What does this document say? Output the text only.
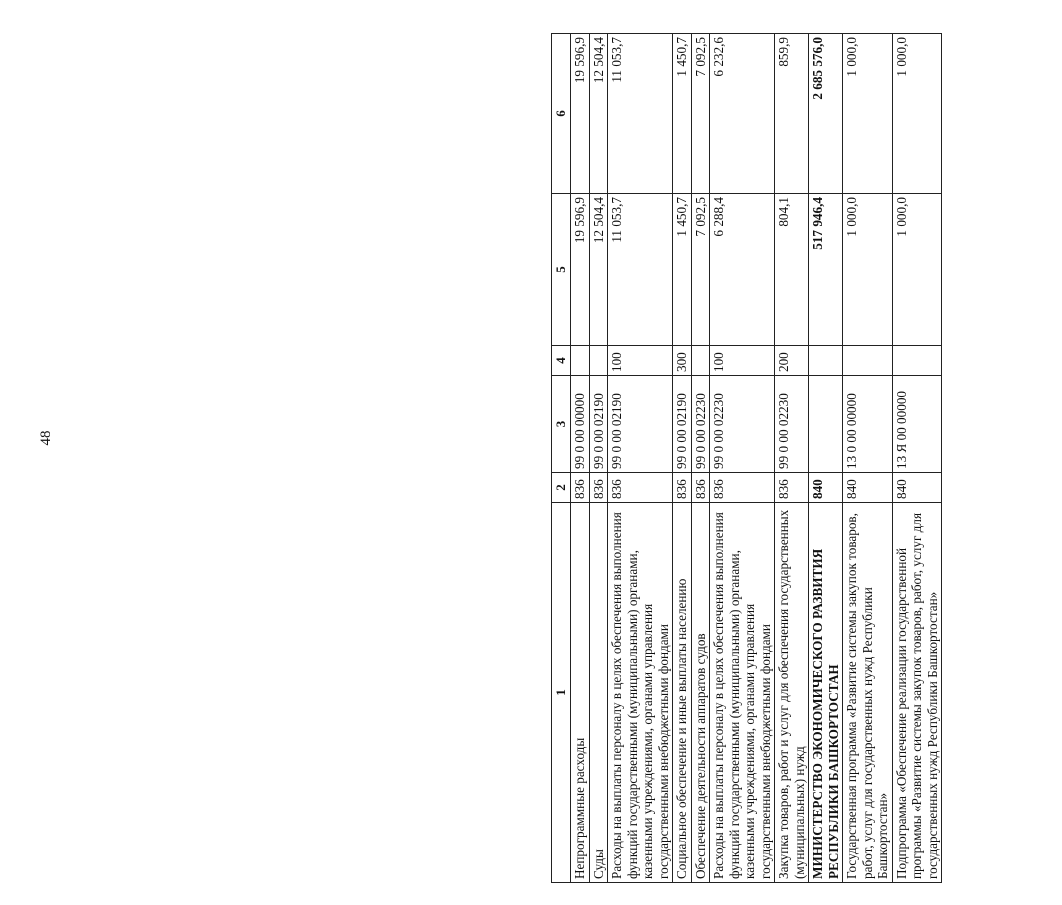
48
1	2	3	4	5	6
Непрограммные расходы	836	99 0 00 00000		19 596,9	19 596,9
Суды	836	99 0 00 02190		12 504,4	12 504,4
Расходы на выплаты персоналу в целях обеспечения выполнения функций государственными (муниципальными) органами, казенными учреждениями, органами управления государственными внебюджетными фондами	836	99 0 00 02190	100	11 053,7	11 053,7
Социальное обеспечение и иные выплаты населению	836	99 0 00 02190	300	1 450,7	1 450,7
Обеспечение деятельности аппаратов судов	836	99 0 00 02230		7 092,5	7 092,5
Расходы на выплаты персоналу в целях обеспечения выполнения функций государственными (муниципальными) органами, казенными учреждениями, органами управления государственными внебюджетными фондами	836	99 0 00 02230	100	6 288,4	6 232,6
Закупка товаров, работ и услуг для обеспечения государственных (муниципальных) нужд	836	99 0 00 02230	200	804,1	859,9
МИНИСТЕРСТВО ЭКОНОМИЧЕСКОГО РАЗВИТИЯ РЕСПУБЛИКИ БАШКОРТОСТАН	840			517 946,4	2 685 576,0
Государственная программа «Развитие системы закупок товаров, работ, услуг для государственных нужд Республики Башкортостан»	840	13 0 00 00000		1 000,0	1 000,0
Подпрограмма «Обеспечение реализации государственной программы «Развитие системы закупок товаров, работ, услуг для государственных нужд Республики Башкортостан»	840	13 Я 00 00000		1 000,0	1 000,0
